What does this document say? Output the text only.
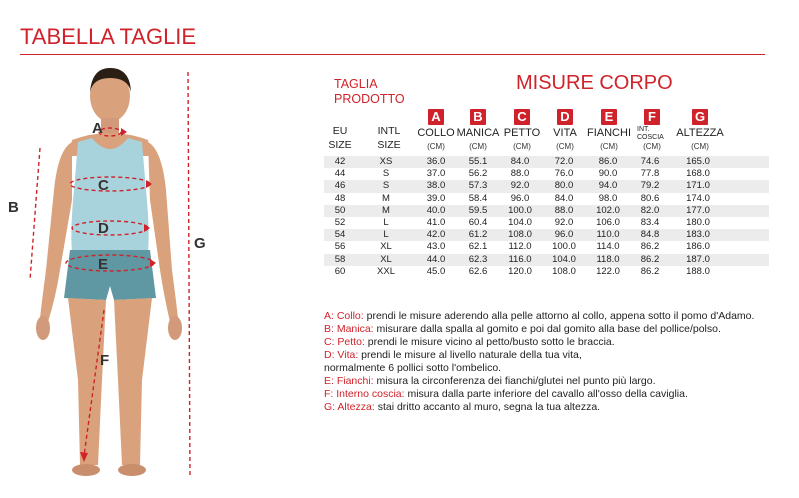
TABELLA TAGLIE
A
B
C
D
E
F
G
TAGLIA
PRODOTTO
MISURE CORPO
EU
SIZE
INTL
SIZE
A
COLLO
(CM)
B
MANICA
(CM)
C
PETTO
(CM)
D
VITA
(CM)
E
FIANCHI
(CM)
F
INT. COSCIA
(CM)
G
ALTEZZA
(CM)
42	XS	36.0 55.1 84.0	72.0	86.0 74.6	165.0
44	S	37.0 56.2 88.0	76.0	90.0 77.8	168.0
46	S	38.0 57.3 92.0	80.0	94.0 79.2	171.0
48	M	39.0 58.4 96.0	84.0	98.0 80.6	174.0
50	M	40.0 59.5 100.0 88.0 102.0 82.0	177.0
52	L	41.0 60.4 104.0 92.0 106.0 83.4	180.0
54	L	42.0 61.2 108.0 96.0 110.0 84.8	183.0
56	XL	43.0 62.1 112.0 100.0 114.0 86.2	186.0
58	XL	44.0 62.3 116.0 104.0 118.0 86.2	187.0
60	XXL	45.0 62.6 120.0 108.0 122.0 86.2	188.0
A: Collo: prendi le misure aderendo alla pelle attorno al collo, appena sotto il pomo d'Adamo.
B: Manica: misurare dalla spalla al gomito e poi dal gomito alla base del pollice/polso.
C: Petto: prendi le misure vicino al petto/busto sotto le braccia.
D: Vita: prendi le misure al livello naturale della tua vita,
normalmente 6 pollici sotto l'ombelico.
E: Fianchi: misura la circonferenza dei fianchi/glutei nel punto più largo.
F: Interno coscia: misura dalla parte inferiore del cavallo all'osso della caviglia.
G: Altezza: stai dritto accanto al muro, segna la tua altezza.
